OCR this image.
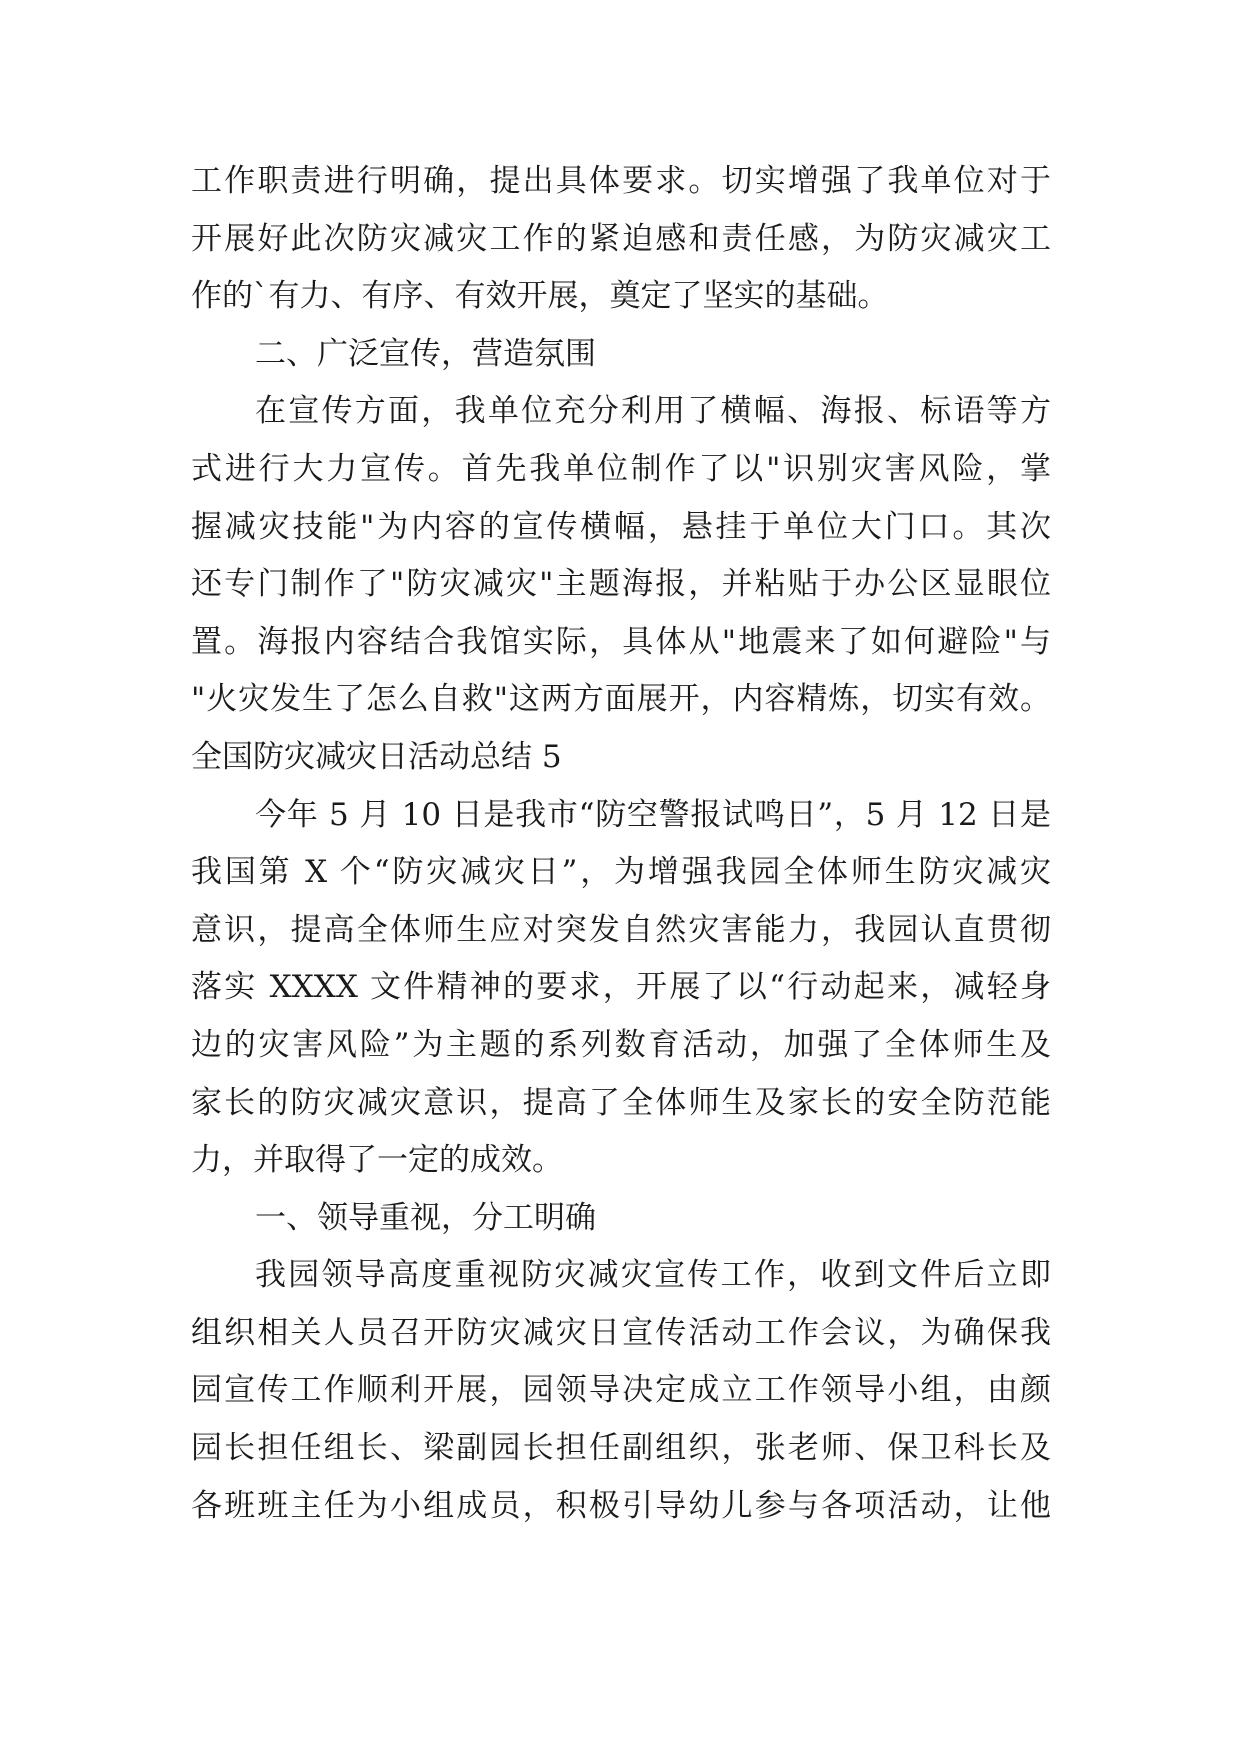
工作职责进行明确，提出具体要求。切实增强了我单位对于
开展好此次防灾减灾工作的紧迫感和责任感，为防灾减灾工
作的`有力、有序、有效开展，奠定了坚实的基础。
二、广泛宣传，营造氛围
在宣传方面，我单位充分利用了横幅、海报、标语等方
式进行大力宣传。首先我单位制作了以"识别灾害风险，掌
握减灾技能"为内容的宣传横幅，悬挂于单位大门口。其次
还专门制作了"防灾减灾"主题海报，并粘贴于办公区显眼位
置。海报内容结合我馆实际，具体从"地震来了如何避险"与
"火灾发生了怎么自救"这两方面展开，内容精炼，切实有效。
全国防灾减灾日活动总结 5
今年 5 月 10 日是我市“防空警报试鸣日”，5 月 12 日是
我国第 X 个“防灾减灾日”，为增强我园全体师生防灾减灾
意识，提高全体师生应对突发自然灾害能力，我园认直贯彻
落实 XXXX 文件精神的要求，开展了以“行动起来，减轻身
边的灾害风险”为主题的系列数育活动，加强了全体师生及
家长的防灾减灾意识，提高了全体师生及家长的安全防范能
力，并取得了一定的成效。
一、领导重视，分工明确
我园领导高度重视防灾减灾宣传工作，收到文件后立即
组织相关人员召开防灾减灾日宣传活动工作会议，为确保我
园宣传工作顺利开展，园领导决定成立工作领导小组，由颜
园长担任组长、梁副园长担任副组织，张老师、保卫科长及
各班班主任为小组成员，积极引导幼儿参与各项活动，让他
